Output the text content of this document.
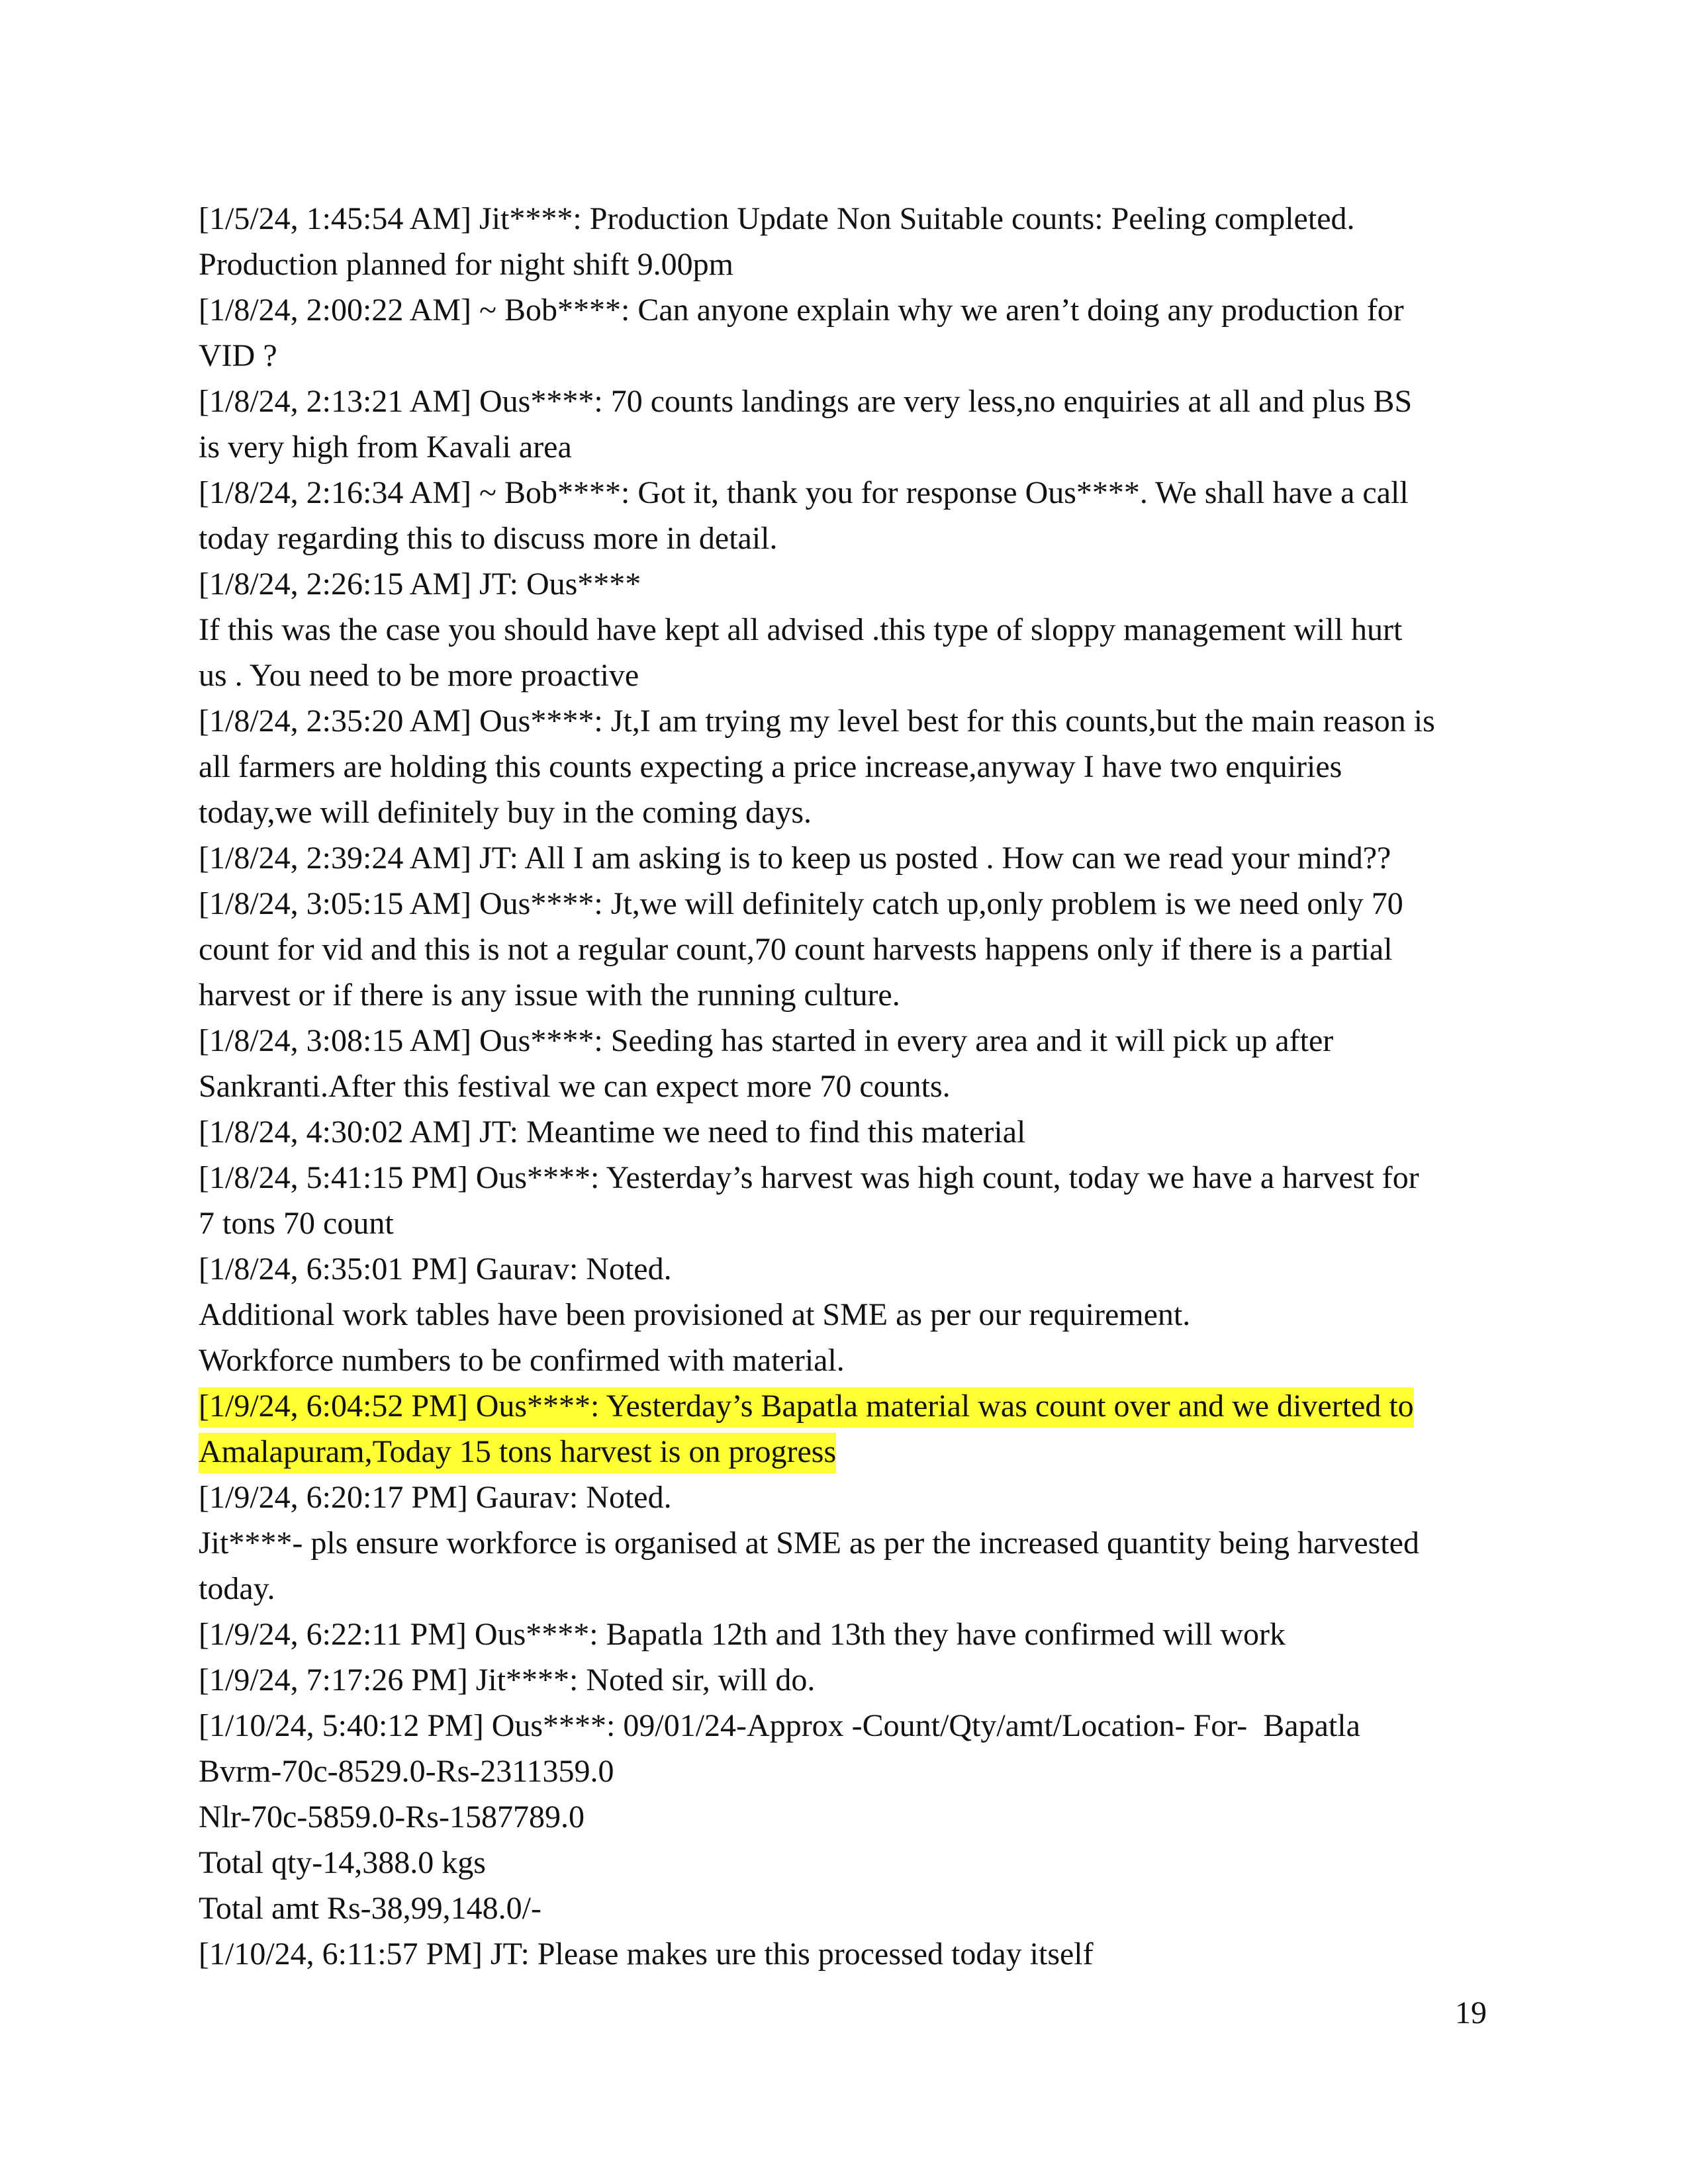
[1/5/24, 1:45:54 AM] Jit****: Production Update Non Suitable counts: Peeling completed.
Production planned for night shift 9.00pm
[1/8/24, 2:00:22 AM] ~ Bob****: Can anyone explain why we aren’t doing any production for
VID ?
[1/8/24, 2:13:21 AM] Ous****: 70 counts landings are very less,no enquiries at all and plus BS
is very high from Kavali area
[1/8/24, 2:16:34 AM] ~ Bob****: Got it, thank you for response Ous****. We shall have a call
today regarding this to discuss more in detail.
[1/8/24, 2:26:15 AM] JT: Ous****
If this was the case you should have kept all advised .this type of sloppy management will hurt
us . You need to be more proactive
[1/8/24, 2:35:20 AM] Ous****: Jt,I am trying my level best for this counts,but the main reason is
all farmers are holding this counts expecting a price increase,anyway I have two enquiries
today,we will definitely buy in the coming days.
[1/8/24, 2:39:24 AM] JT: All I am asking is to keep us posted . How can we read your mind??
[1/8/24, 3:05:15 AM] Ous****: Jt,we will definitely catch up,only problem is we need only 70
count for vid and this is not a regular count,70 count harvests happens only if there is a partial
harvest or if there is any issue with the running culture.
[1/8/24, 3:08:15 AM] Ous****: Seeding has started in every area and it will pick up after
Sankranti.After this festival we can expect more 70 counts.
[1/8/24, 4:30:02 AM] JT: Meantime we need to find this material
[1/8/24, 5:41:15 PM] Ous****: Yesterday’s harvest was high count, today we have a harvest for
7 tons 70 count
[1/8/24, 6:35:01 PM] Gaurav: Noted.
Additional work tables have been provisioned at SME as per our requirement.
Workforce numbers to be confirmed with material.
[1/9/24, 6:04:52 PM] Ous****: Yesterday’s Bapatla material was count over and we diverted to
Amalapuram,Today 15 tons harvest is on progress
[1/9/24, 6:20:17 PM] Gaurav: Noted.
Jit****- pls ensure workforce is organised at SME as per the increased quantity being harvested
today.
[1/9/24, 6:22:11 PM] Ous****: Bapatla 12th and 13th they have confirmed will work
[1/9/24, 7:17:26 PM] Jit****: Noted sir, will do.
[1/10/24, 5:40:12 PM] Ous****: 09/01/24-Approx -Count/Qty/amt/Location- For-  Bapatla
Bvrm-70c-8529.0-Rs-2311359.0
Nlr-70c-5859.0-Rs-1587789.0
Total qty-14,388.0 kgs
Total amt Rs-38,99,148.0/-
[1/10/24, 6:11:57 PM] JT: Please makes ure this processed today itself
19
